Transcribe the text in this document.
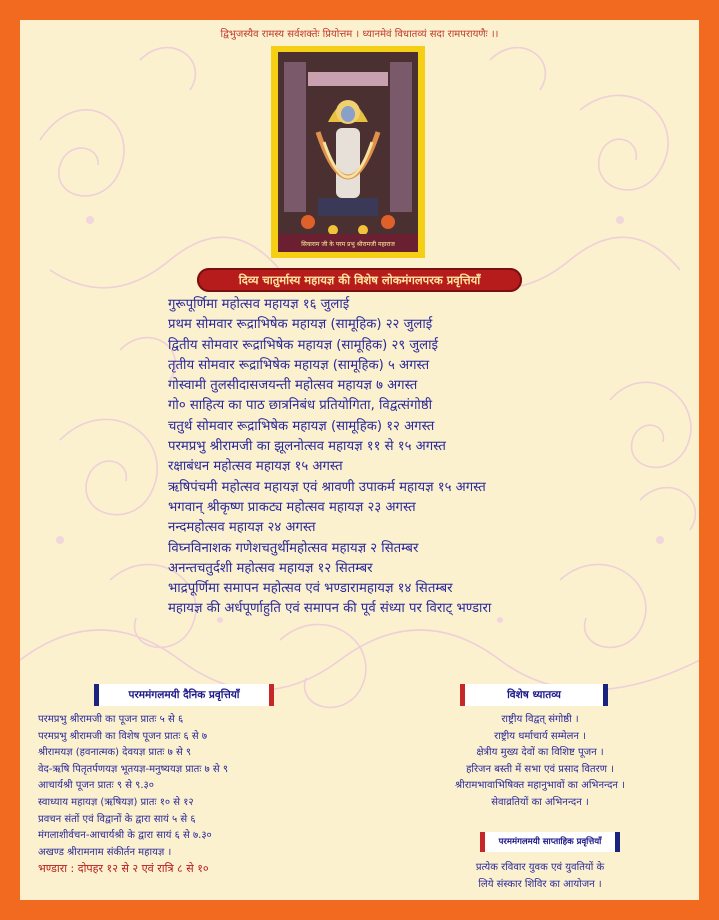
द्विभुजस्यैव रामस्य सर्वशक्तेः प्रियोत्तम । ध्यानमेवं विधातव्यं सदा रामपरायणैः ।।
सियाराम जी के परम प्रभु श्रीरामजी महाराज
दिव्य चातुर्मास्य महायज्ञ की विशेष लोकमंगलपरक प्रवृत्तियाँ
गुरूपूर्णिमा महोत्सव महायज्ञ १६ जुलाई
प्रथम सोमवार रूद्राभिषेक महायज्ञ (सामूहिक) २२ जुलाई
द्वितीय सोमवार रूद्राभिषेक महायज्ञ (सामूहिक) २९ जुलाई
तृतीय सोमवार रूद्राभिषेक महायज्ञ (सामूहिक) ५ अगस्त
गोस्वामी तुलसीदासजयन्ती महोत्सव महायज्ञ ७ अगस्त
गो० साहित्य का पाठ छात्रनिबंध प्रतियोगिता, विद्वत्संगोष्ठी
चतुर्थ सोमवार रूद्राभिषेक महायज्ञ (सामूहिक) १२ अगस्त
परमप्रभु श्रीरामजी का झूलनोत्सव महायज्ञ ११ से १५ अगस्त
रक्षाबंधन महोत्सव महायज्ञ १५ अगस्त
ऋषिपंचमी महोत्सव महायज्ञ एवं श्रावणी उपाकर्म महायज्ञ १५ अगस्त
भगवान् श्रीकृष्ण प्राकट्य महोत्सव महायज्ञ २३ अगस्त
नन्दमहोत्सव महायज्ञ २४ अगस्त
विघ्नविनाशक गणेशचतुर्थीमहोत्सव महायज्ञ २ सितम्बर
अनन्तचतुर्दशी महोत्सव महायज्ञ १२ सितम्बर
भाद्रपूर्णिमा समापन महोत्सव एवं भण्डारामहायज्ञ १४ सितम्बर
महायज्ञ की अर्धपूर्णाहुति एवं समापन की पूर्व संध्या पर विराट् भण्डारा
परममंगलमयी दैनिक प्रवृत्तियाँ
परमप्रभु श्रीरामजी का पूजन प्रातः ५ से ६
परमप्रभु श्रीरामजी का विशेष पूजन प्रातः ६ से ७
श्रीरामयज्ञ (हवनात्मक) देवयज्ञ प्रातः ७ से ९
वेद-ऋषि पितृतर्पणयज्ञ भूतयज्ञ-मनुष्ययज्ञ प्रातः ७ से ९
आचार्यश्री पूजन प्रातः ९ से ९.३०
स्वाध्याय महायज्ञ (ऋषियज्ञ) प्रातः १० से १२
प्रवचन संतों एवं विद्वानों के द्वारा सायं ५ से ६
मंगलाशीर्वचन-आचार्यश्री के द्वारा सायं ६ से ७.३०
अखण्ड श्रीरामनाम संकीर्तन महायज्ञ ।
भण्डारा : दोपहर १२ से २ एवं रात्रि ८ से १०
विशेष ध्यातव्य
राष्ट्रीय विद्वत् संगोष्ठी ।
राष्ट्रीय धर्माचार्य सम्मेलन ।
क्षेत्रीय मुख्य देवों का विशिष्ट पूजन ।
हरिजन बस्ती में सभा एवं प्रसाद वितरण ।
श्रीरामभावाभिषिक्त महानुभावों का अभिनन्दन ।
सेवाव्रतियों का अभिनन्दन ।
परममंगलमयी साप्ताहिक प्रवृत्तियाँ
प्रत्येक रविवार युवक एवं युवतियों के
लिये संस्कार शिविर का आयोजन ।
